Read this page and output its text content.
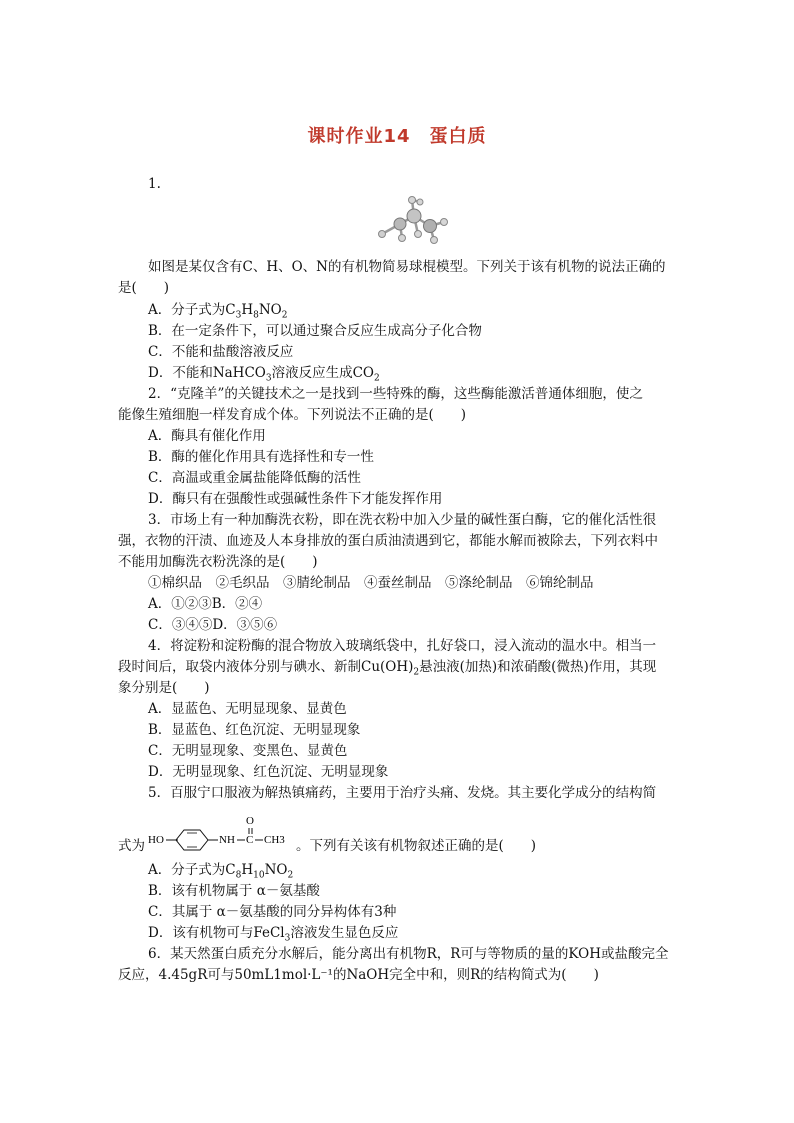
课时作业14　蛋白质
1.
如图是某仅含有C、H、O、N的有机物简易球棍模型。下列关于该有机物的说法正确的
是(　　)
A．分子式为$C_3H_8NO_2$
B．在一定条件下，可以通过聚合反应生成高分子化合物
C．不能和盐酸溶液反应
D．不能和NaHCO$_3$溶液反应生成$CO_2$
2．“克隆羊”的关键技术之一是找到一些特殊的酶，这些酶能激活普通体细胞，使之
能像生殖细胞一样发育成个体。下列说法不正确的是(　　)
A．酶具有催化作用
B．酶的催化作用具有选择性和专一性
C．高温或重金属盐能降低酶的活性
D．酶只有在强酸性或强碱性条件下才能发挥作用
3．市场上有一种加酶洗衣粉，即在洗衣粉中加入少量的碱性蛋白酶，它的催化活性很
强，衣物的汗渍、血迹及人本身排放的蛋白质油渍遇到它，都能水解而被除去，下列衣料中
不能用加酶洗衣粉洗涤的是(　　)
①棉织品　②毛织品　③腈纶制品　④蚕丝制品　⑤涤纶制品　⑥锦纶制品
A．①②③B．②④
C．③④⑤D．③⑤⑥
4．将淀粉和淀粉酶的混合物放入玻璃纸袋中，扎好袋口，浸入流动的温水中。相当一
段时间后，取袋内液体分别与碘水、新制$Cu(OH)_2$悬浊液(加热)和浓硝酸(微热)作用，其现
象分别是(　　)
A．显蓝色、无明显现象、显黄色
B．显蓝色、红色沉淀、无明显现象
C．无明显现象、变黑色、显黄色
D．无明显现象、红色沉淀、无明显现象
5．百服宁口服液为解热镇痛药，主要用于治疗头痛、发烧。其主要化学成分的结构简
式为 HO	NH C
O
CH3 。下列有关该有机物叙述正确的是(　　)
A．分子式为$C_8H_{10}NO_2$
B．该有机物属于 α－氨基酸
C．其属于 α－氨基酸的同分异构体有3种
D．该有机物可与FeCl$_3$溶液发生显色反应
6．某天然蛋白质充分水解后，能分离出有机物R，R可与等物质的量的KOH或盐酸完全
反应，4.45gR可与50mL1mol·L⁻¹的NaOH完全中和，则R的结构简式为(　　)
